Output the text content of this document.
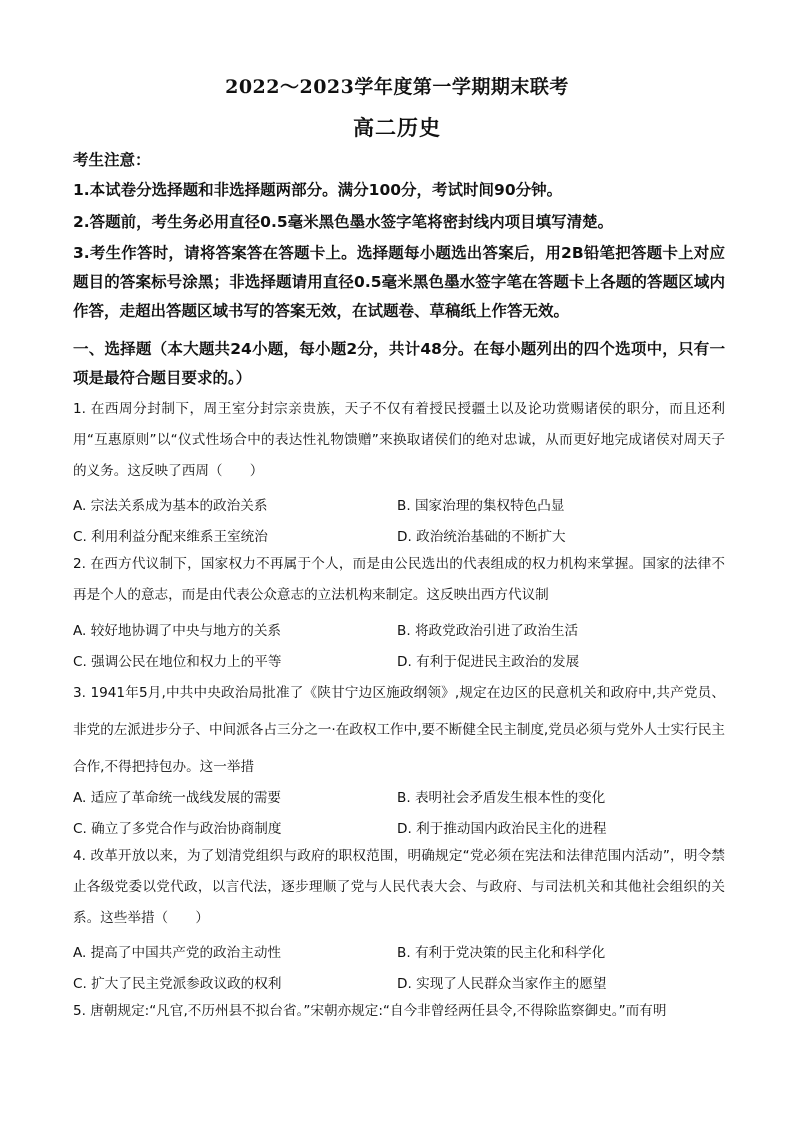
2022～2023学年度第一学期期末联考
高二历史

考生注意：

1.本试卷分选择题和非选择题两部分。满分100分，考试时间90分钟。

2.答题前，考生务必用直径0.5毫米黑色墨水签字笔将密封线内项目填写清楚。

3.考生作答时，请将答案答在答题卡上。选择题每小题选出答案后，用2B铅笔把答题卡上对应题目的答案标号涂黑；非选择题请用直径0.5毫米黑色墨水签字笔在答题卡上各题的答题区域内作答，走超出答题区域书写的答案无效，在试题卷、草稿纸上作答无效。

一、选择题（本大题共24小题，每小题2分，共计48分。在每小题列出的四个选项中，只有一项是最符合题目要求的。）

1. 在西周分封制下，周王室分封宗亲贵族，天子不仅有着授民授疆土以及论功赏赐诸侯的职分，而且还利用“互惠原则”以“仪式性场合中的表达性礼物馈赠”来换取诸侯们的绝对忠诚，从而更好地完成诸侯对周天子的义务。这反映了西周（　　）

A. 宗法关系成为基本的政治关系	B. 国家治理的集权特色凸显
C. 利用利益分配来维系王室统治	D. 政治统治基础的不断扩大

2. 在西方代议制下，国家权力不再属于个人，而是由公民选出的代表组成的权力机构来掌握。国家的法律不再是个人的意志，而是由代表公众意志的立法机构来制定。这反映出西方代议制

A. 较好地协调了中央与地方的关系	B. 将政党政治引进了政治生活
C. 强调公民在地位和权力上的平等	D. 有利于促进民主政治的发展

3. 1941年5月,中共中央政治局批准了《陕甘宁边区施政纲领》,规定在边区的民意机关和政府中,共产党员、非党的左派进步分子、中间派各占三分之一·在政权工作中,要不断健全民主制度,党员必须与党外人士实行民主合作,不得把持包办。这一举措

A. 适应了革命统一战线发展的需要	B. 表明社会矛盾发生根本性的变化
C. 确立了多党合作与政治协商制度	D. 利于推动国内政治民主化的进程

4. 改革开放以来，为了划清党组织与政府的职权范围，明确规定“党必须在宪法和法律范围内活动”，明令禁止各级党委以党代政，以言代法，逐步理顺了党与人民代表大会、与政府、与司法机关和其他社会组织的关系。这些举措（　　）

A. 提高了中国共产党的政治主动性	B. 有利于党决策的民主化和科学化
C. 扩大了民主党派参政议政的权利	D. 实现了人民群众当家作主的愿望

5. 唐朝规定:“凡官,不历州县不拟台省。”宋朝亦规定:“自今非曾经两任县令,不得除监察御史。”而有明
